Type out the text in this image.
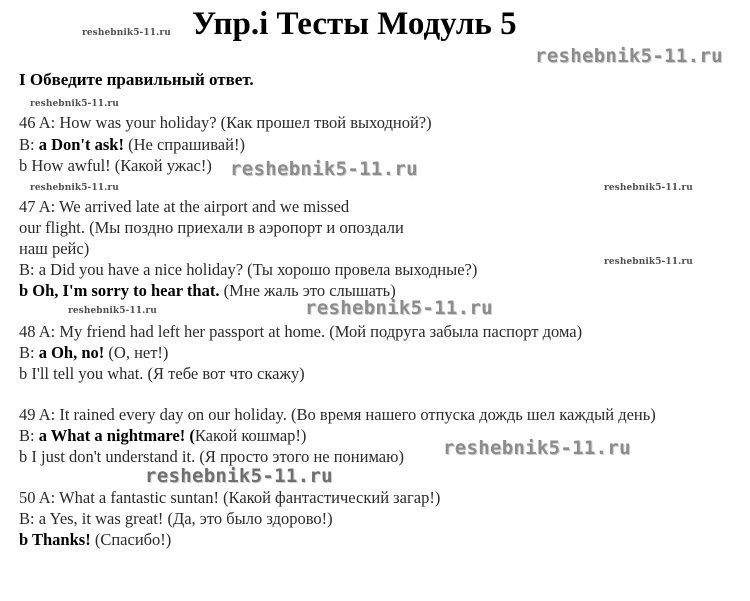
Упр.i Тесты Модуль 5
I Обведите правильный ответ.
46 A: How was your holiday? (Как прошел твой выходной?)
B: a Don't ask! (Не спрашивай!)
b How awful! (Какой ужас!)
47 A: We arrived late at the airport and we missed
our flight. (Мы поздно приехали в аэропорт и опоздали
наш рейс)
B: a Did you have a nice holiday? (Ты хорошо провела выходные?)
b Oh, I'm sorry to hear that. (Мне жаль это слышать)
48 A: My friend had left her passport at home. (Мой подруга забыла паспорт дома)
B: a Oh, no! (О, нет!)
b I'll tell you what. (Я тебе вот что скажу)
49 A: It rained every day on our holiday. (Во время нашего отпуска дождь шел каждый день)
B: a What a nightmare! (Какой кошмар!)
b I just don't understand it. (Я просто этого не понимаю)
50 A: What a fantastic suntan! (Какой фантастический загар!)
B: a Yes, it was great! (Да, это было здорово!)
b Thanks! (Спасибо!)
reshebnik5-11.ru
reshebnik5-11.ru
reshebnik5-11.ru	reshebnik5-11.ru
reshebnik5-11.ru
reshebnik5-11.ru
reshebnik5-11.ru
reshebnik5-11.ru
reshebnik5-11.ru
reshebnik5-11.ru
reshebnik5-11.ru
